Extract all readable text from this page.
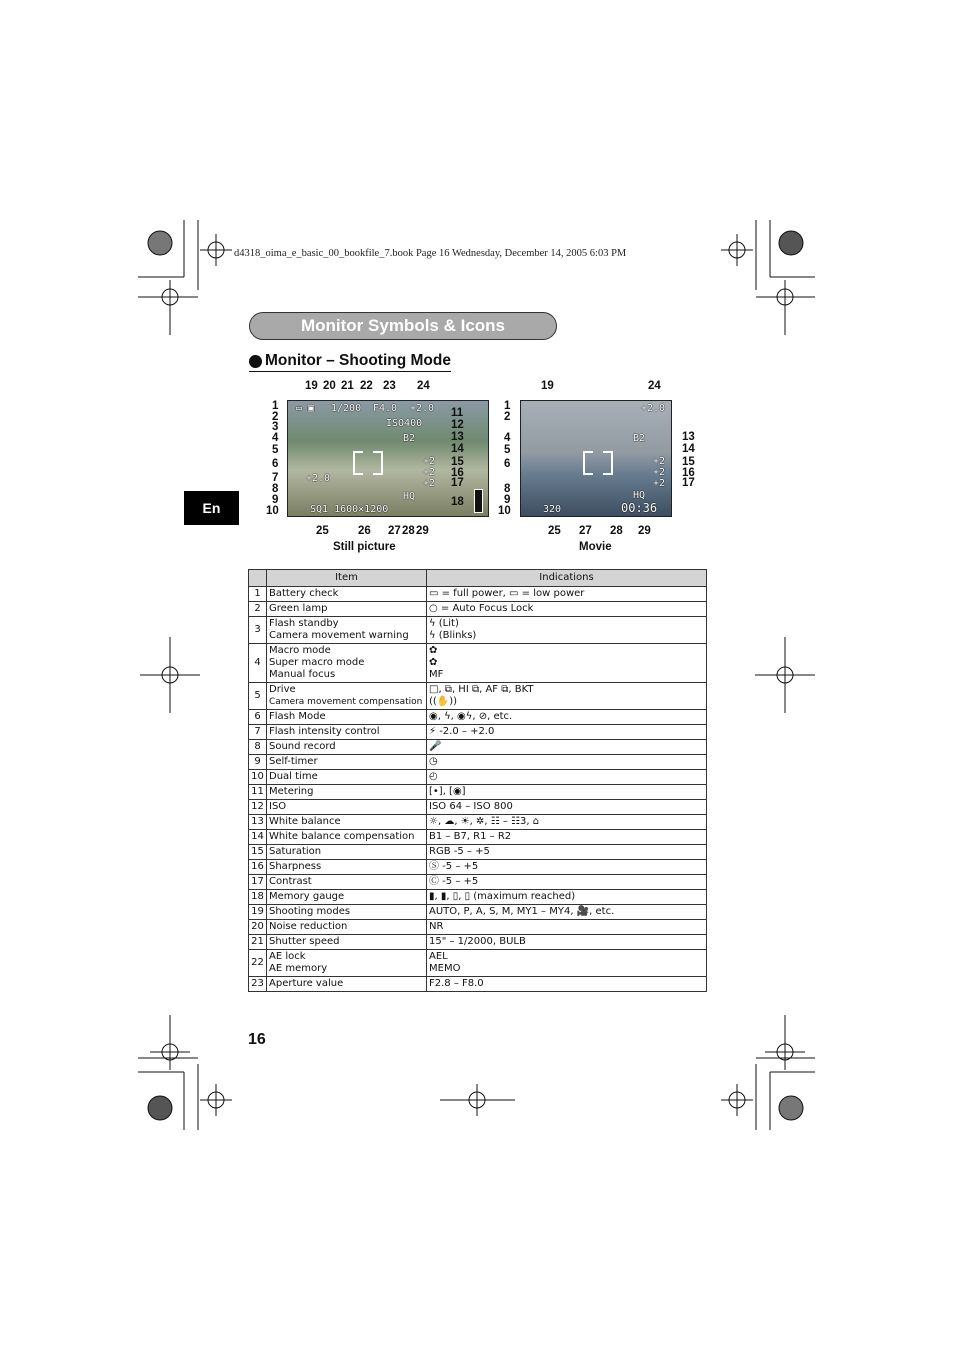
d4318_oima_e_basic_00_bookfile_7.book Page 16 Wednesday, December 14, 2005 6:03 PM
Monitor Symbols & Icons
Monitor – Shooting Mode
En
▭ ▣ 1/200 F4.0 +2.0
ISO400
B2
+2
+2
+2
+2.0
HQ
SQ1 1600×1200
19 20 21 22 23 24
1
2
3
4
5
6
7
8
9
10
11
12
13
14
15
16
17
18
25	26 27 28 29
Still picture
+2.0
B2
+2
+2
+2
HQ
00:36
320
19	24
1
2
4
5
6
8
9
10
13
14
15
16
17
25 27 28 29
Movie
	Item	Indications
1	Battery check	▭ = full power, ▭ = low power
2	Green lamp	○ = Auto Focus Lock
3	Flash standby
Camera movement warning	ϟ (Lit)
ϟ (Blinks)
4	Macro mode
Super macro mode
Manual focus	✿
✿
MF
5	Drive
Camera movement compensation	□, ⧉, HI ⧉, AF ⧉, BKT
((✋))
6	Flash Mode	◉, ϟ, ◉ϟ, ⊘, etc.
7	Flash intensity control	⚡ -2.0 – +2.0
8	Sound record	🎤
9	Self-timer	◷
10	Dual time	◴
11	Metering	[•], [◉]
12	ISO	ISO 64 – ISO 800
13	White balance	☼, ☁, ☀, ✲, ☷ – ☷3, ⌂
14	White balance compensation	B1 – B7, R1 – R2
15	Saturation	RGB -5 – +5
16	Sharpness	Ⓢ -5 – +5
17	Contrast	Ⓒ -5 – +5
18	Memory gauge	▮, ▮, ▯, ▯ (maximum reached)
19	Shooting modes	AUTO, P, A, S, M, MY1 – MY4, 🎥, etc.
20	Noise reduction	NR
21	Shutter speed	15" – 1/2000, BULB
22	AE lock
AE memory	AEL
MEMO
23	Aperture value	F2.8 – F8.0
16
